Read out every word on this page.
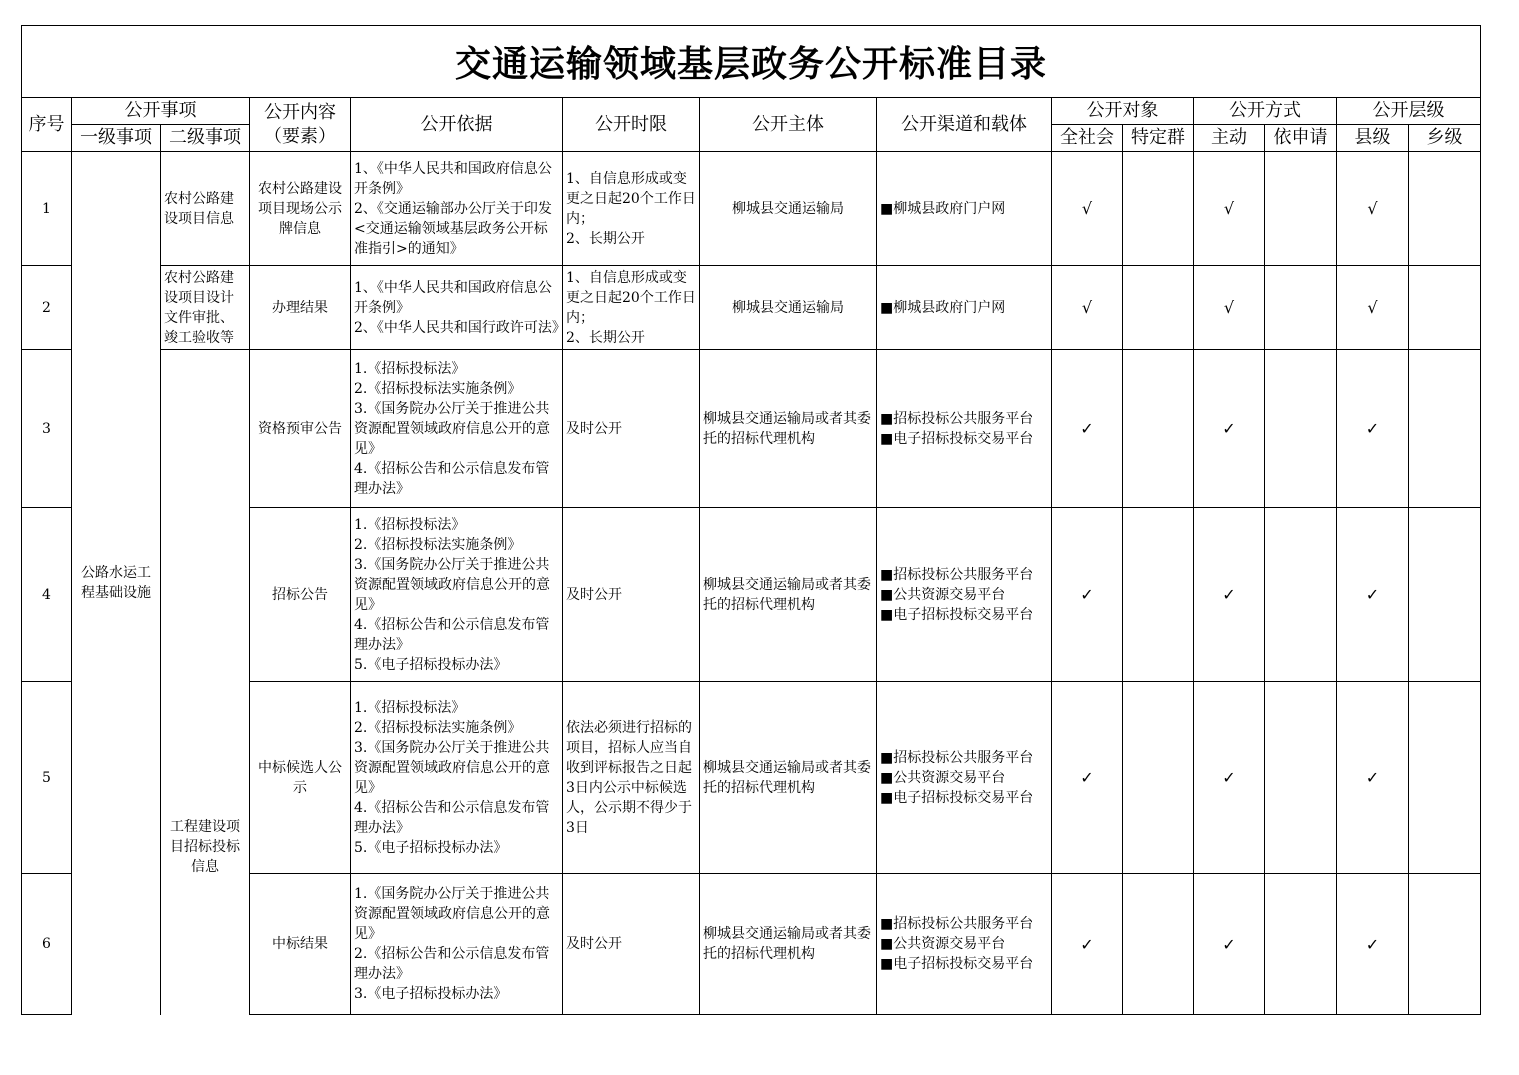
交通运输领域基层政务公开标准目录													
序号	公开事项		公开内容（要素）	公开依据	公开时限	公开主体	公开渠道和载体	公开对象		公开方式		公开层级	
	一级事项	二级事项						全社会	特定群	主动	依申请	县级	乡级
1	公路水运工程基础设施	农村公路建设项目信息	农村公路建设项目现场公示牌信息	1、《中华人民共和国政府信息公开条例》
2、《交通运输部办公厅关于印发<交通运输领域基层政务公开标准指引>的通知》	1、自信息形成或变更之日起20个工作日内；
2、长期公开	柳城县交通运输局	■柳城县政府门户网	√		√		√	
2		农村公路建设项目设计文件审批、竣工验收等	办理结果	1、《中华人民共和国政府信息公开条例》
2、《中华人民共和国行政许可法》	1、自信息形成或变更之日起20个工作日内；
2、长期公开	柳城县交通运输局	■柳城县政府门户网	√		√		√	
3		工程建设项目招标投标信息	资格预审公告	1.《招标投标法》
2.《招标投标法实施条例》
3.《国务院办公厅关于推进公共资源配置领域政府信息公开的意见》
4.《招标公告和公示信息发布管理办法》	及时公开	柳城县交通运输局或者其委托的招标代理机构	■招标投标公共服务平台
■电子招标投标交易平台	✓		✓		✓	
4			招标公告	1.《招标投标法》
2.《招标投标法实施条例》
3.《国务院办公厅关于推进公共资源配置领域政府信息公开的意见》
4.《招标公告和公示信息发布管理办法》
5.《电子招标投标办法》	及时公开	柳城县交通运输局或者其委托的招标代理机构	■招标投标公共服务平台
■公共资源交易平台
■电子招标投标交易平台	✓		✓		✓	
5			中标候选人公示	1.《招标投标法》
2.《招标投标法实施条例》
3.《国务院办公厅关于推进公共资源配置领域政府信息公开的意见》
4.《招标公告和公示信息发布管理办法》
5.《电子招标投标办法》	依法必须进行招标的项目，招标人应当自收到评标报告之日起3日内公示中标候选人，公示期不得少于3日	柳城县交通运输局或者其委托的招标代理机构	■招标投标公共服务平台
■公共资源交易平台
■电子招标投标交易平台	✓		✓		✓	
6			中标结果	1.《国务院办公厅关于推进公共资源配置领域政府信息公开的意见》
2.《招标公告和公示信息发布管理办法》
3.《电子招标投标办法》	及时公开	柳城县交通运输局或者其委托的招标代理机构	■招标投标公共服务平台
■公共资源交易平台
■电子招标投标交易平台	✓		✓		✓	
